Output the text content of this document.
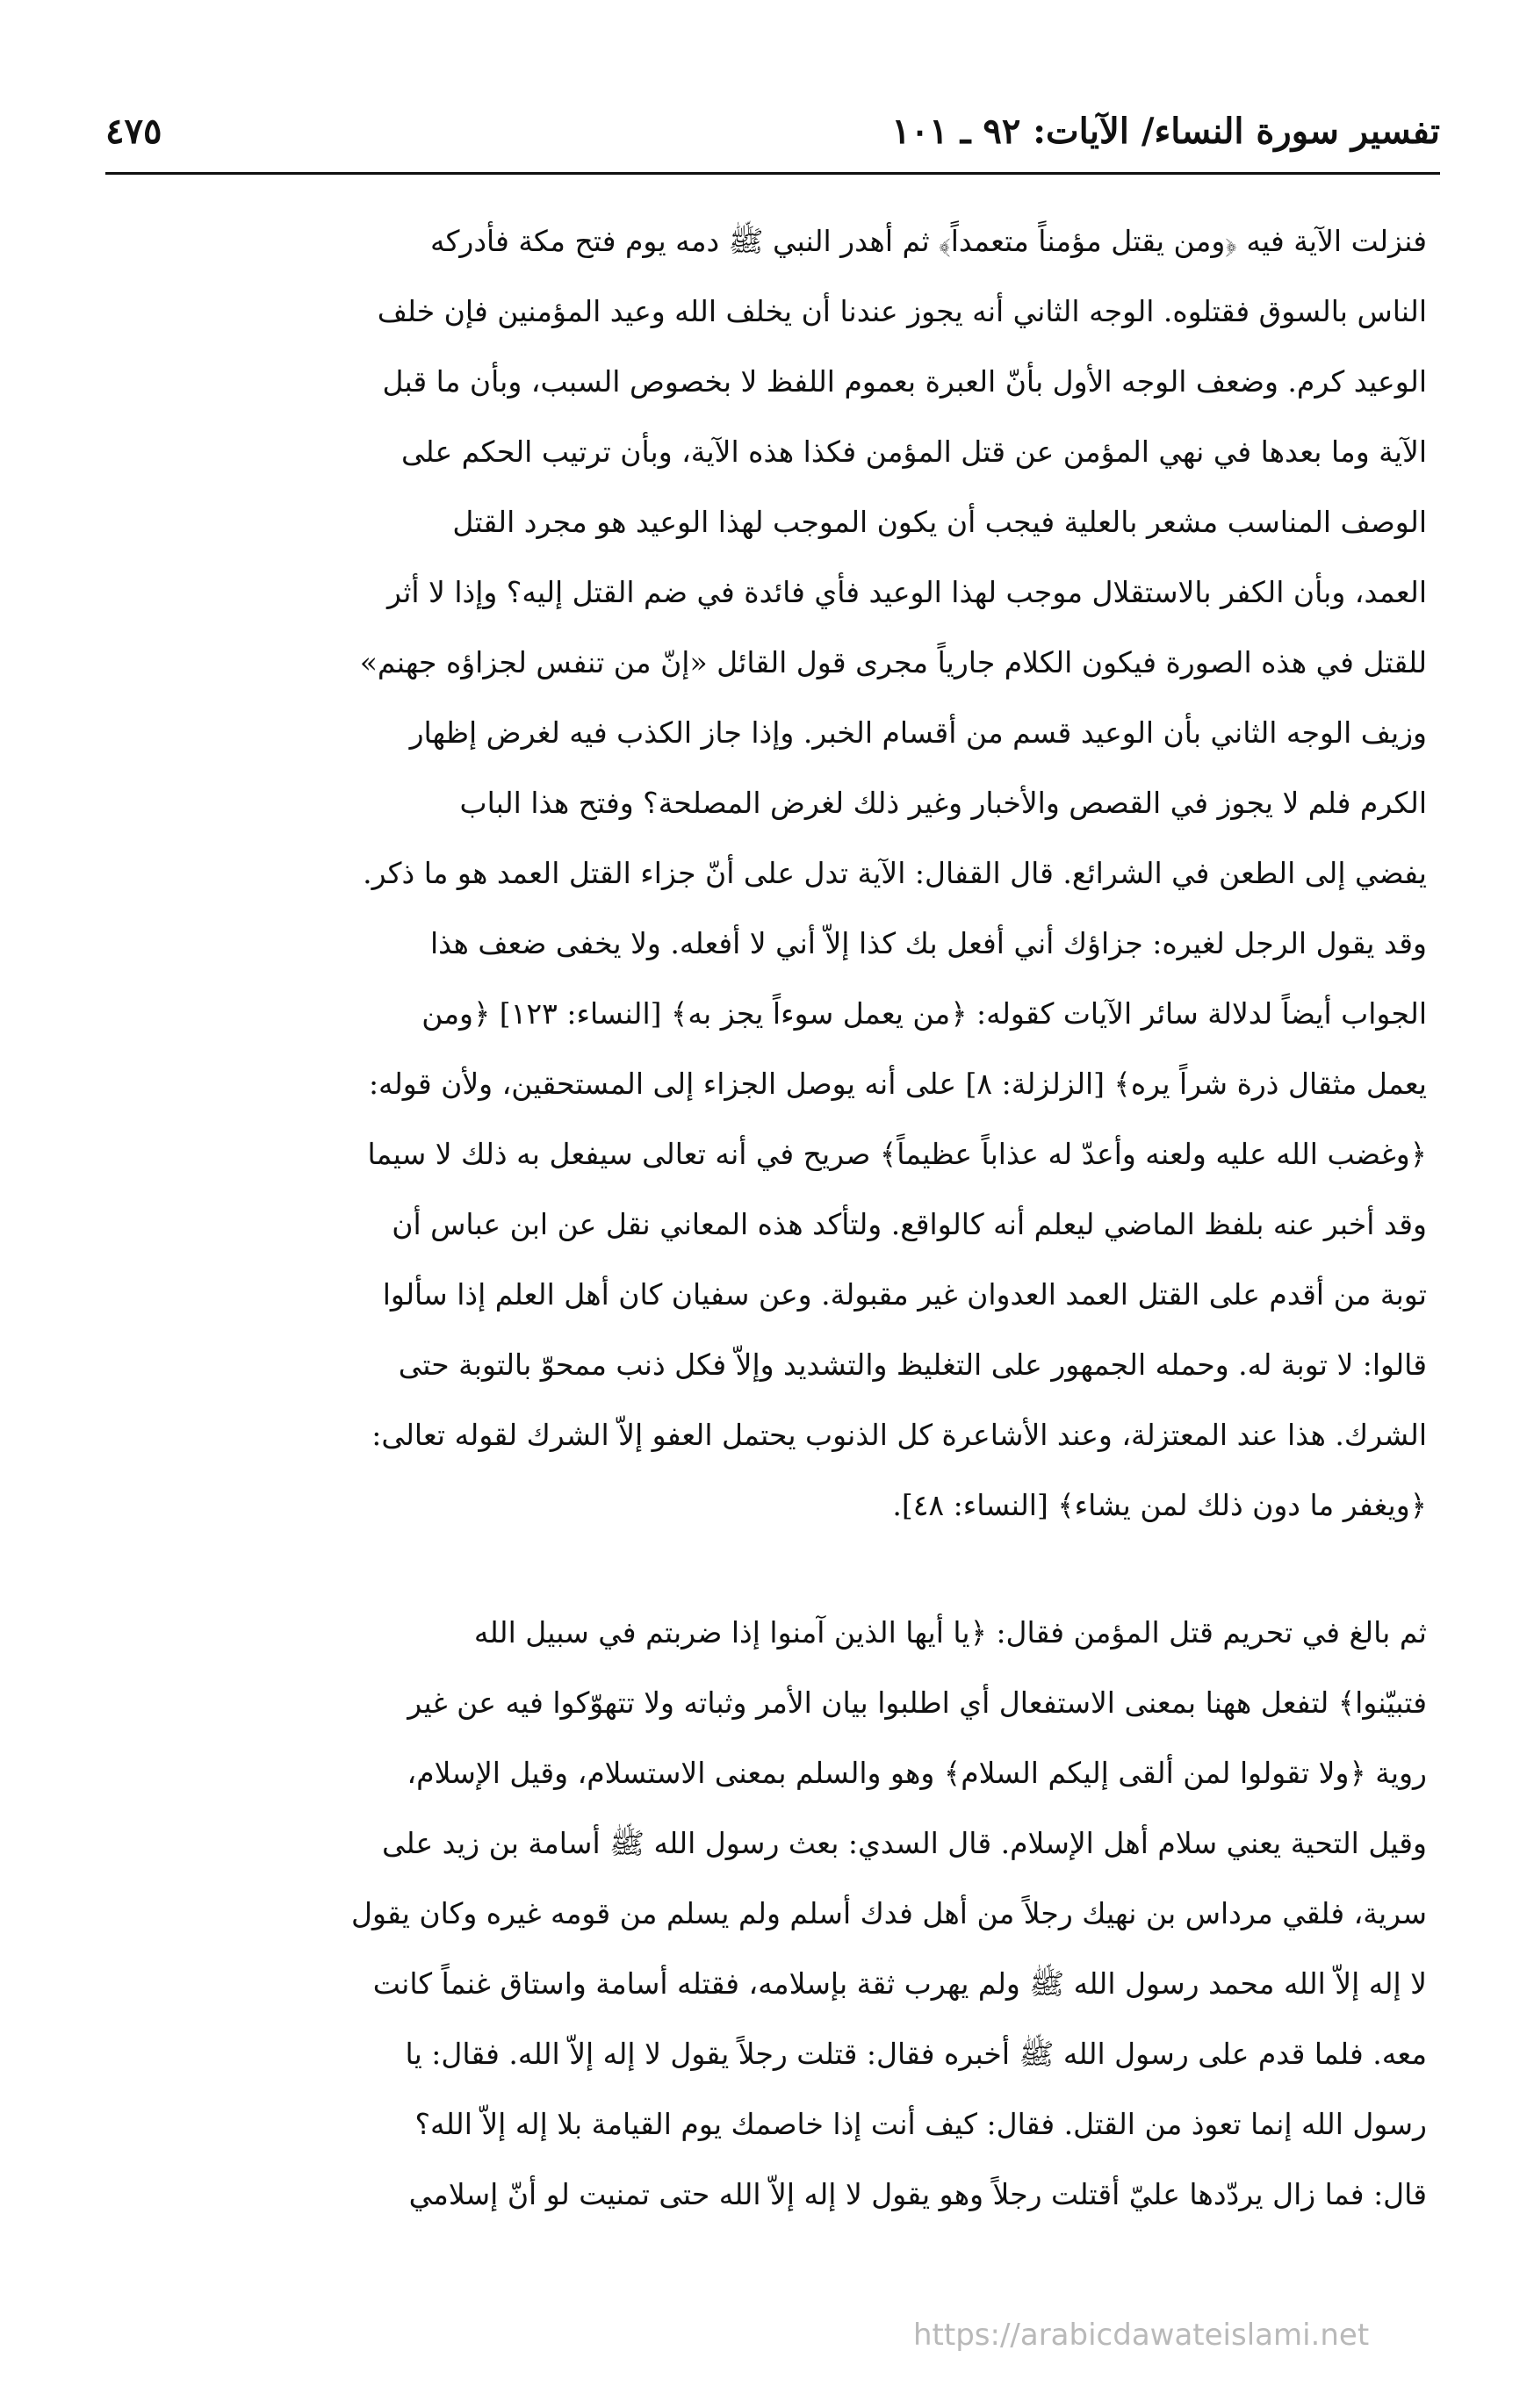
تفسير سورة النساء/ الآيات: ٩٢ ـ ١٠١
٤٧٥
فنزلت الآية فيه ﴿ومن يقتل مؤمناً متعمداً﴾ ثم أهدر النبي ﷺ دمه يوم فتح مكة فأدركه
الناس بالسوق فقتلوه. الوجه الثاني أنه يجوز عندنا أن يخلف الله وعيد المؤمنين فإن خلف
الوعيد كرم. وضعف الوجه الأول بأنّ العبرة بعموم اللفظ لا بخصوص السبب، وبأن ما قبل
الآية وما بعدها في نهي المؤمن عن قتل المؤمن فكذا هذه الآية، وبأن ترتيب الحكم على
الوصف المناسب مشعر بالعلية فيجب أن يكون الموجب لهذا الوعيد هو مجرد القتل
العمد، وبأن الكفر بالاستقلال موجب لهذا الوعيد فأي فائدة في ضم القتل إليه؟ وإذا لا أثر
للقتل في هذه الصورة فيكون الكلام جارياً مجرى قول القائل «إنّ من تنفس لجزاؤه جهنم»
وزيف الوجه الثاني بأن الوعيد قسم من أقسام الخبر. وإذا جاز الكذب فيه لغرض إظهار
الكرم فلم لا يجوز في القصص والأخبار وغير ذلك لغرض المصلحة؟ وفتح هذا الباب
يفضي إلى الطعن في الشرائع. قال القفال: الآية تدل على أنّ جزاء القتل العمد هو ما ذكر.
وقد يقول الرجل لغيره: جزاؤك أني أفعل بك كذا إلاّ أني لا أفعله. ولا يخفى ضعف هذا
الجواب أيضاً لدلالة سائر الآيات كقوله: ﴿من يعمل سوءاً يجز به﴾ [النساء: ١٢٣] ﴿ومن
يعمل مثقال ذرة شراً يره﴾ [الزلزلة: ٨] على أنه يوصل الجزاء إلى المستحقين، ولأن قوله:
﴿وغضب الله عليه ولعنه وأعدّ له عذاباً عظيماً﴾ صريح في أنه تعالى سيفعل به ذلك لا سيما
وقد أخبر عنه بلفظ الماضي ليعلم أنه كالواقع. ولتأكد هذه المعاني نقل عن ابن عباس أن
توبة من أقدم على القتل العمد العدوان غير مقبولة. وعن سفيان كان أهل العلم إذا سألوا
قالوا: لا توبة له. وحمله الجمهور على التغليظ والتشديد وإلاّ فكل ذنب ممحوّ بالتوبة حتى
الشرك. هذا عند المعتزلة، وعند الأشاعرة كل الذنوب يحتمل العفو إلاّ الشرك لقوله تعالى:
﴿ويغفر ما دون ذلك لمن يشاء﴾ [النساء: ٤٨].
ثم بالغ في تحريم قتل المؤمن فقال: ﴿يا أيها الذين آمنوا إذا ضربتم في سبيل الله
فتبيّنوا﴾ لتفعل ههنا بمعنى الاستفعال أي اطلبوا بيان الأمر وثباته ولا تتهوّكوا فيه عن غير
روية ﴿ولا تقولوا لمن ألقى إليكم السلام﴾ وهو والسلم بمعنى الاستسلام، وقيل الإسلام،
وقيل التحية يعني سلام أهل الإسلام. قال السدي: بعث رسول الله ﷺ أسامة بن زيد على
سرية، فلقي مرداس بن نهيك رجلاً من أهل فدك أسلم ولم يسلم من قومه غيره وكان يقول
لا إله إلاّ الله محمد رسول الله ﷺ ولم يهرب ثقة بإسلامه، فقتله أسامة واستاق غنماً كانت
معه. فلما قدم على رسول الله ﷺ أخبره فقال: قتلت رجلاً يقول لا إله إلاّ الله. فقال: يا
رسول الله إنما تعوذ من القتل. فقال: كيف أنت إذا خاصمك يوم القيامة بلا إله إلاّ الله؟
قال: فما زال يردّدها عليّ أقتلت رجلاً وهو يقول لا إله إلاّ الله حتى تمنيت لو أنّ إسلامي
https://arabicdawateislami.net
